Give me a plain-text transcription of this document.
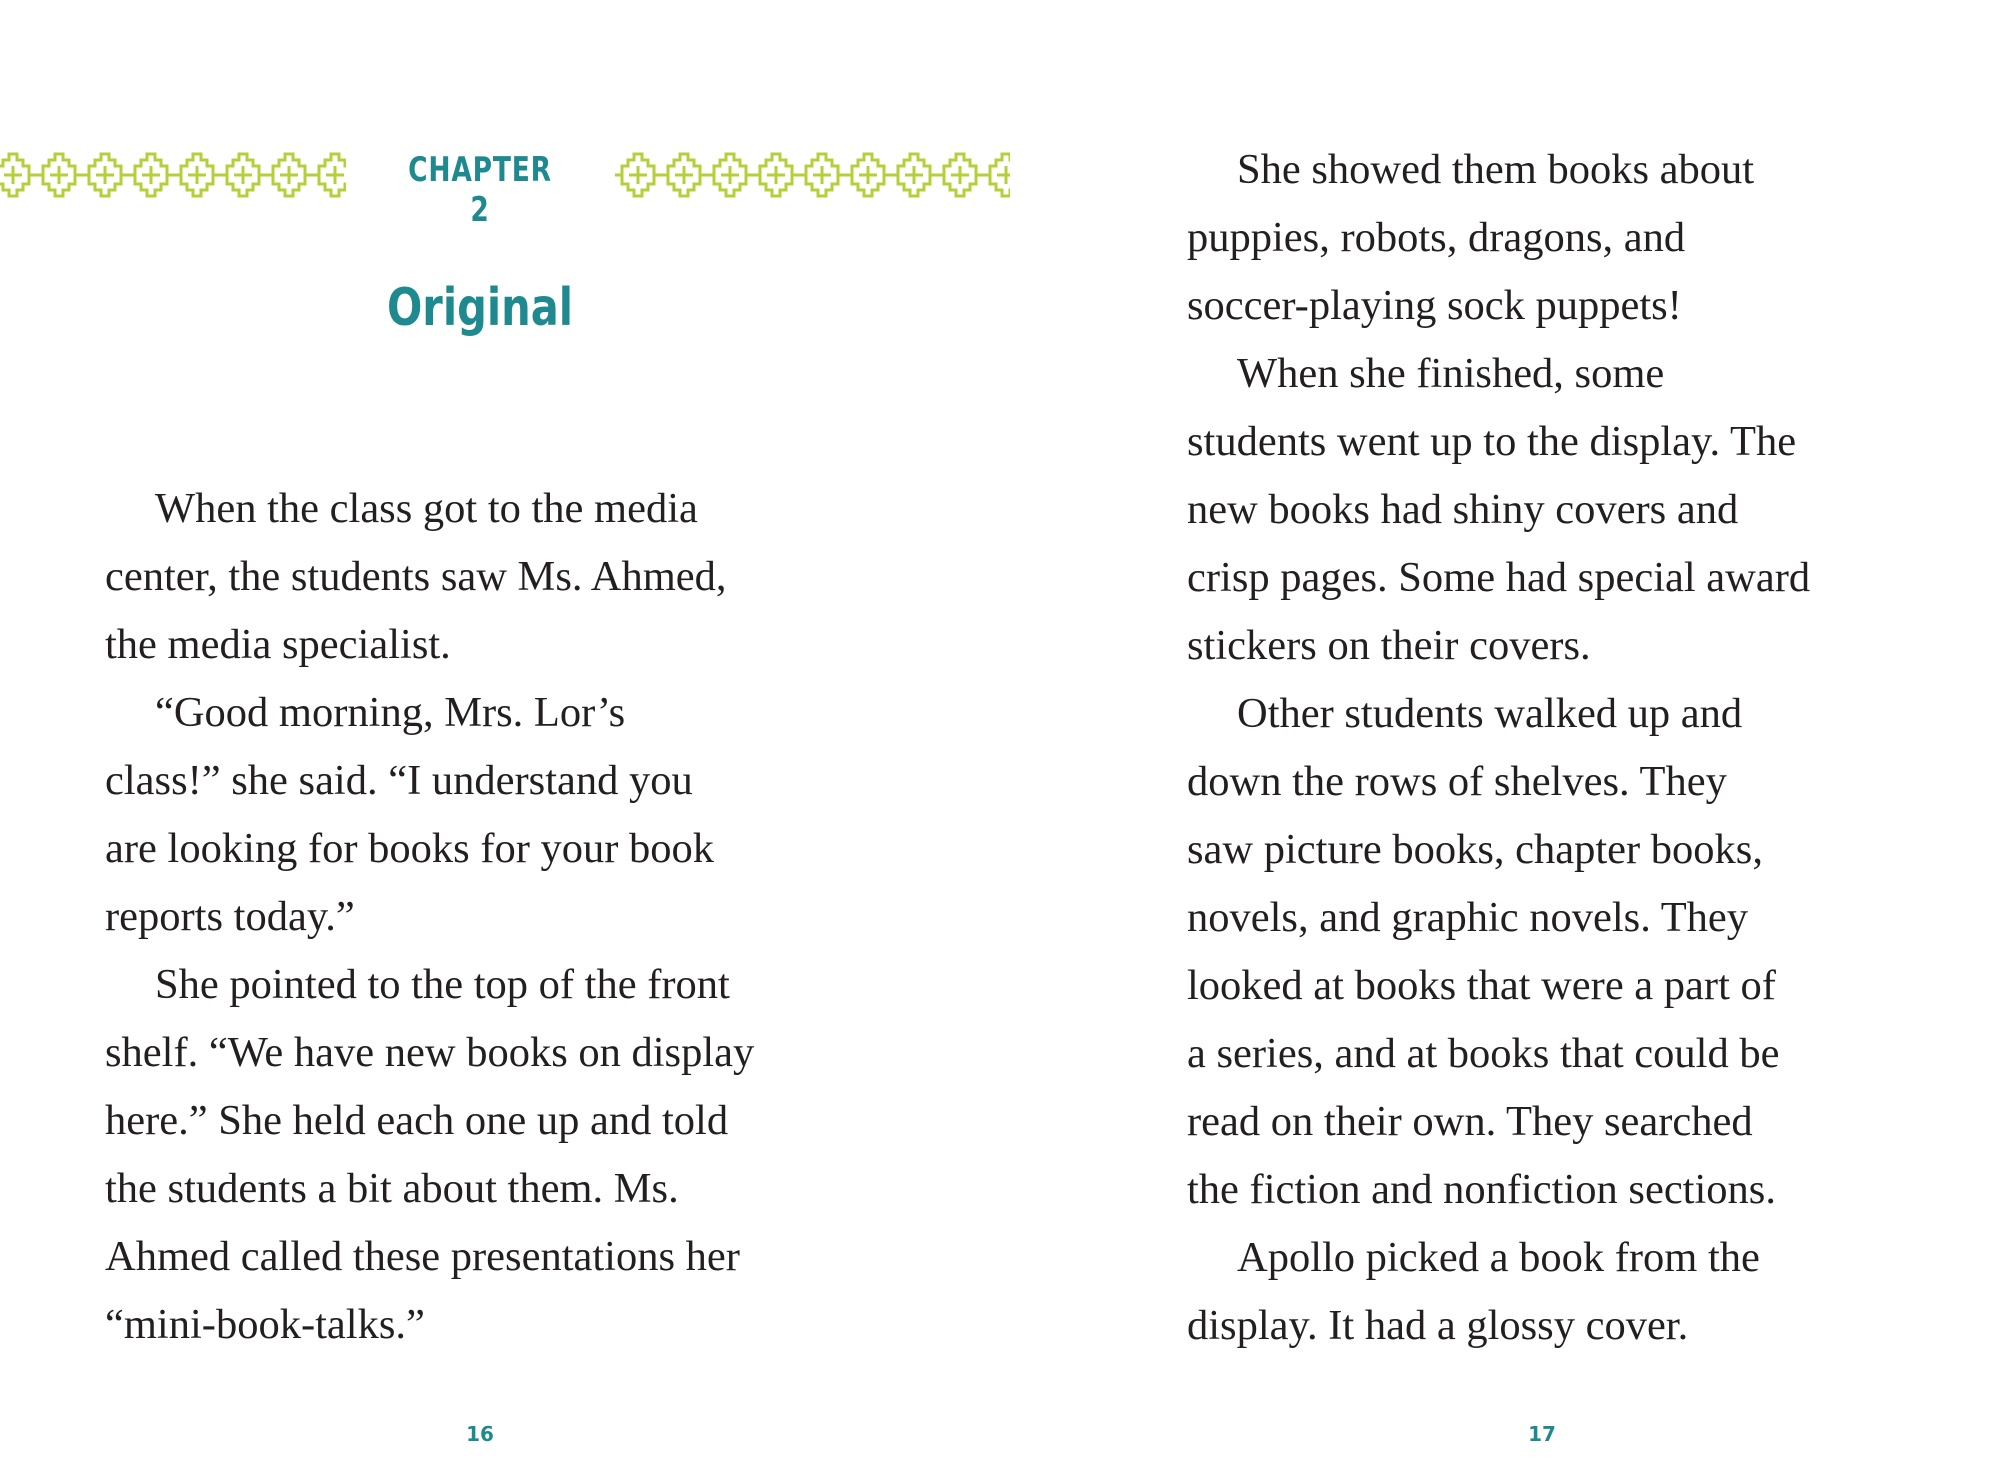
CHAPTER 2
Original
When the class got to the media
center, the students saw Ms. Ahmed,
the media specialist.
“Good morning, Mrs. Lor’s
class!” she said. “I understand you
are looking for books for your book
reports today.”
She pointed to the top of the front
shelf. “We have new books on display
here.” She held each one up and told
the students a bit about them. Ms.
Ahmed called these presentations her
“mini-book-talks.”
She showed them books about
puppies, robots, dragons, and
soccer-playing sock puppets!
When she finished, some
students went up to the display. The
new books had shiny covers and
crisp pages. Some had special award
stickers on their covers.
Other students walked up and
down the rows of shelves. They
saw picture books, chapter books,
novels, and graphic novels. They
looked at books that were a part of
a series, and at books that could be
read on their own. They searched
the fiction and nonfiction sections.
Apollo picked a book from the
display. It had a glossy cover.
16	17
